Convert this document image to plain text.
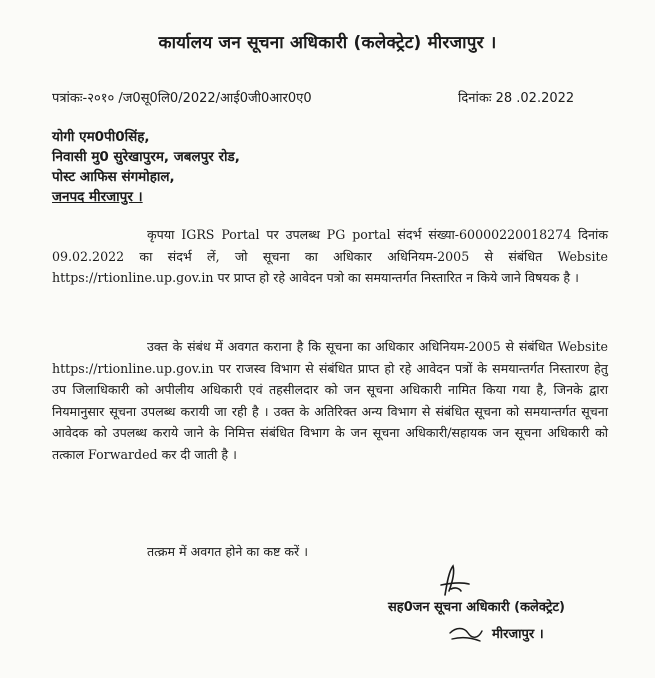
कार्यालय जन सूचना अधिकारी (कलेक्ट्रेट) मीरजापुर ।
पत्रांकः-२०१० /ज0सू0लि0/2022/आई0जी0आर0ए0	दिनांकः 28 .02.2022
योगी एम0पी0सिंह,
निवासी मु0 सुरेखापुरम, जबलपुर रोड,
पोस्ट आफिस संगमोहाल,
जनपद मीरजापुर ।
कृपया IGRS Portal पर उपलब्ध PG portal संदर्भ संख्या-60000220018274 दिनांक 09.02.2022 का संदर्भ लें, जो सूचना का अधिकार अधिनियम-2005 से संबंधित Website https://rtionline.up.gov.in पर प्राप्त हो रहे आवेदन पत्रो का समयान्तर्गत निस्तारित न किये जाने विषयक है ।
उक्त के संबंध में अवगत कराना है कि सूचना का अधिकार अधिनियम-2005 से संबंधित Website https://rtionline.up.gov.in पर राजस्व विभाग से संबंधित प्राप्त हो रहे आवेदन पत्रों के समयान्तर्गत निस्तारण हेतु उप जिलाधिकारी को अपीलीय अधिकारी एवं तहसीलदार को जन सूचना अधिकारी नामित किया गया है, जिनके द्वारा नियमानुसार सूचना उपलब्ध करायी जा रही है । उक्त के अतिरिक्त अन्य विभाग से संबंधित सूचना को समयान्तर्गत सूचना आवेदक को उपलब्ध कराये जाने के निमित्त संबंधित विभाग के जन सूचना अधिकारी/सहायक जन सूचना अधिकारी को तत्काल Forwarded कर दी जाती है ।
तत्क्रम में अवगत होने का कष्ट करें ।
सह0जन सूचना अधिकारी (कलेक्ट्रेट)
मीरजापुर ।
